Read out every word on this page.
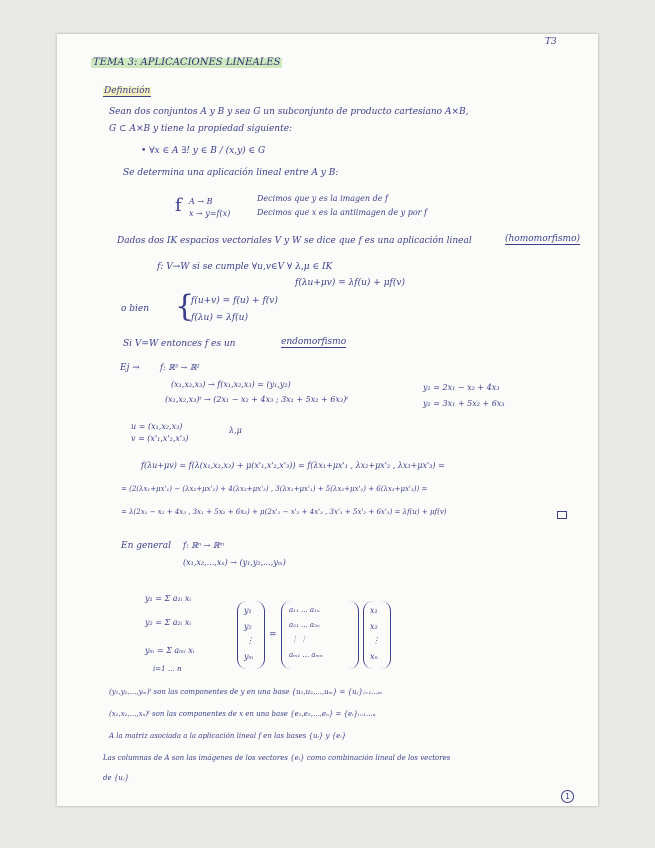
T3
TEMA 3: APLICACIONES LINEALES
Definición
Sean dos conjuntos A y B y sea G un subconjunto de producto cartesiano A×B,
G ⊂ A×B y tiene la propiedad siguiente:
• ∀x ∈ A ∃! y ∈ B / (x,y) ∈ G
Se determina una aplicación lineal entre A y B:
f A → B
x → y=f(x)
Decimos que y es la imagen de f
Decimos que x es la antiimagen de y por f
Dados dos IK espacios vectoriales V y W se dice que f es una aplicación lineal	(homomorfismo)
f: V→W si se cumple ∀u,v∈V ∀ λ,μ ∈ IK
f(λu+μv) = λf(u) + μf(v)
o bien {
f(u+v) = f(u) + f(v)
f(λu) = λf(u)
Si V=W entonces f es un	endomorfismo
Ej →	f: ℝ³ → ℝ²
(x₁,x₂,x₃) → f(x₁,x₂,x₃) = (y₁,y₂)
(x₁,x₂,x₃)ᵗ → (2x₁ − x₂ + 4x₃ ; 3x₁ + 5x₂ + 6x₃)ᵗ
y₁ = 2x₁ − x₂ + 4x₃
y₂ = 3x₁ + 5x₂ + 6x₃
u = (x₁,x₂,x₃)
v = (x'₁,x'₂,x'₃)
λ,μ
f(λu+μv) = f(λ(x₁,x₂,x₃) + μ(x'₁,x'₂,x'₃)) = f(λx₁+μx'₁ , λx₂+μx'₂ , λx₃+μx'₃) =
= (2(λx₁+μx'₁) − (λx₂+μx'₂) + 4(λx₃+μx'₃) , 3(λx₁+μx'₁) + 5(λx₂+μx'₂) + 6(λx₃+μx'₃)) =
= λ(2x₁ − x₂ + 4x₃ , 3x₁ + 5x₂ + 6x₃) + μ(2x'₁ − x'₂ + 4x'₃ , 3x'₁ + 5x'₂ + 6x'₃) = λf(u) + μf(v)
En general f: ℝⁿ → ℝᵐ
(x₁,x₂,...,xₙ) → (y₁,y₂,...,yₘ)
y₁ = Σ a₁ᵢ xᵢ
y₂ = Σ a₂ᵢ xᵢ
yₘ = Σ aₘᵢ xᵢ
i=1 … n
y₁
y₂
⋮
yₘ
=
a₁₁ ... a₁ₙ
a₂₁ ... a₂ₙ
⋮ ⋮
aₘ₁ ... aₘₙ
x₁
x₂
⋮
xₙ
(y₁,y₂,...,yₘ)ᵗ son las componentes de y en una base {u₁,u₂,...,uₘ} = {uⱼ}ⱼ₌₁...ₘ
(x₁,x₂,...,xₙ)ᵗ son las componentes de x en una base {e₁,e₂,...,eₙ} = {eᵢ}ᵢ₌₁...ₙ
A la matriz asociada a la aplicación lineal f en las bases {uᵢ} y {eᵢ}
Las columnas de A son las imágenes de los vectores {eᵢ} como combinación lineal de los vectores
de {uⱼ}
1
